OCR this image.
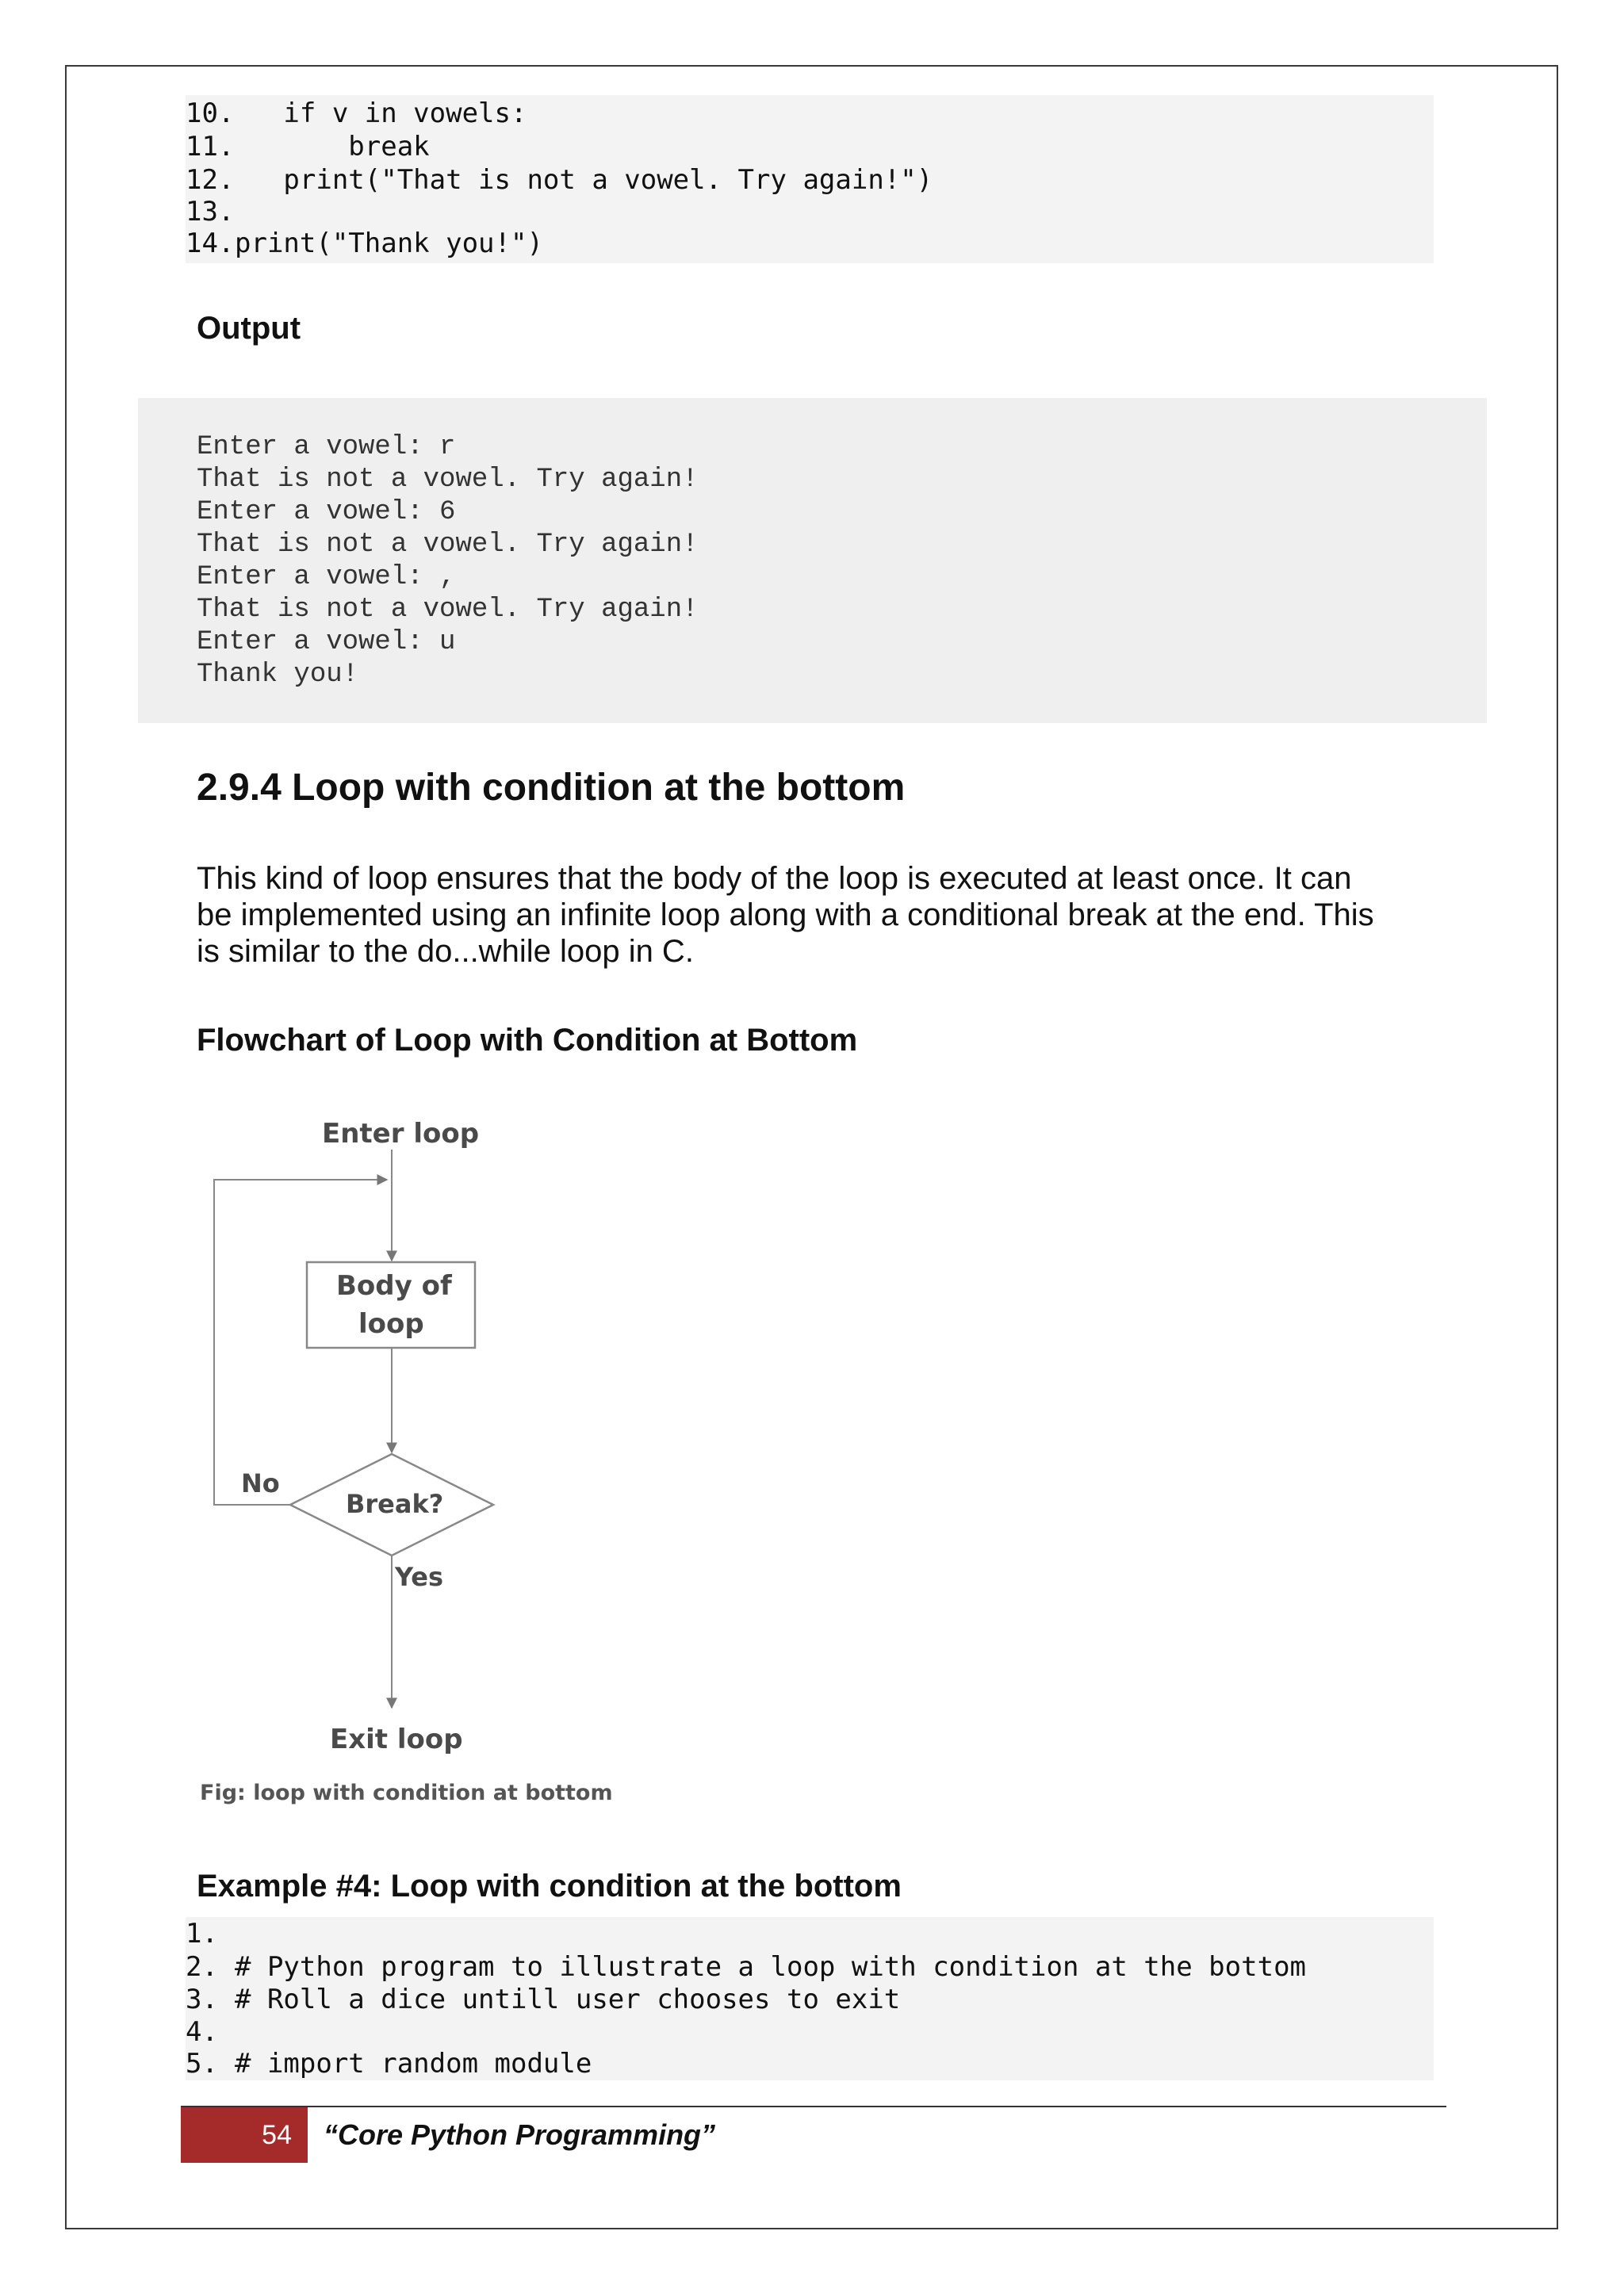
10.   if v in vowels:
11.       break
12.   print("That is not a vowel. Try again!")
13.
14.print("Thank you!")
Output
Enter a vowel: r
That is not a vowel. Try again!
Enter a vowel: 6
That is not a vowel. Try again!
Enter a vowel: ,
That is not a vowel. Try again!
Enter a vowel: u
Thank you!
2.9.4 Loop with condition at the bottom
This kind of loop ensures that the body of the loop is executed at least once. It can
be implemented using an infinite loop along with a conditional break at the end. This
is similar to the do...while loop in C.
Flowchart of Loop with Condition at Bottom
Enter loop
Body of
loop
Break?
No
Yes
Exit loop
Fig: loop with condition at bottom
Example #4: Loop with condition at the bottom
1.
2. # Python program to illustrate a loop with condition at the bottom
3. # Roll a dice untill user chooses to exit
4.
5. # import random module
54	“Core Python Programming”
